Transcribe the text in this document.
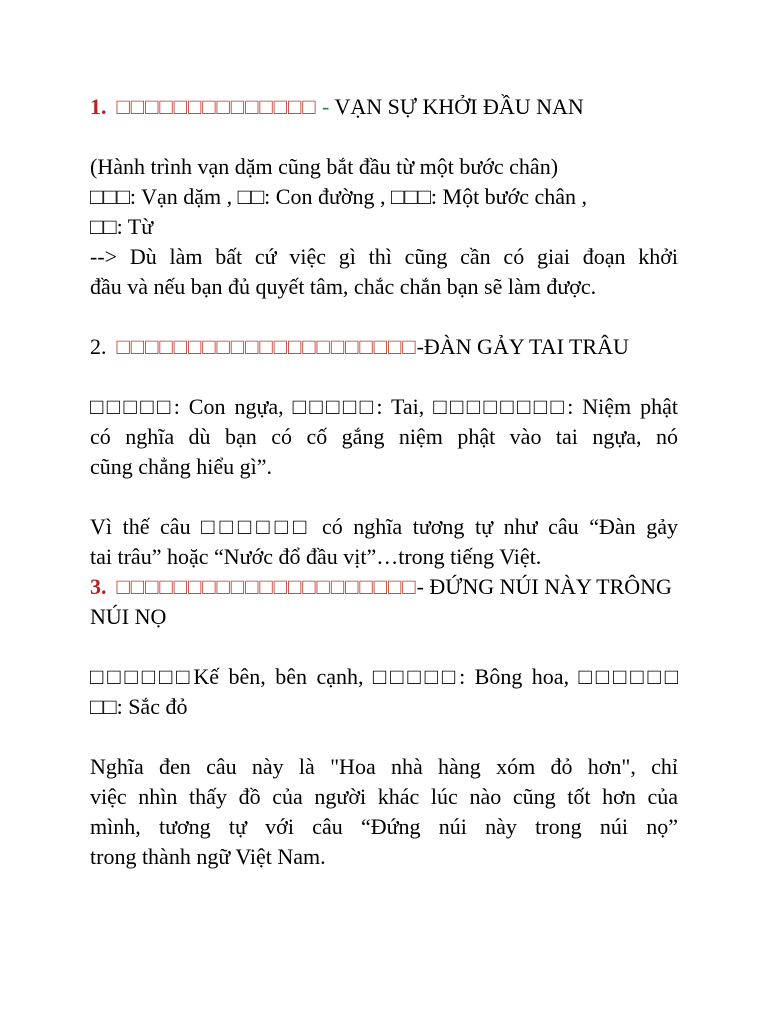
1. □□□□□□□□□□□□□□ - VẠN SỰ KHỞI ĐẦU NAN
(Hành trình vạn dặm cũng bắt đầu từ một bước chân)
□□□: Vạn dặm , □□: Con đường , □□□: Một bước chân ,
□□: Từ
--> Dù làm bất cứ việc gì thì cũng cần có giai đoạn khởi
đầu và nếu bạn đủ quyết tâm, chắc chắn bạn sẽ làm được.
2. □□□□□□□□□□□□□□□□□□□□□-ĐÀN GẢY TAI TRÂU
□□□□□: Con ngựa, □□□□□: Tai, □□□□□□□□: Niệm phật
có nghĩa dù bạn có cố gắng niệm phật vào tai ngựa, nó
cũng chẳng hiểu gì”.
Vì thế câu □□□□□□ có nghĩa tương tự như câu “Đàn gảy
tai trâu” hoặc “Nước đổ đầu vịt”…trong tiếng Việt.
3. □□□□□□□□□□□□□□□□□□□□□- ĐỨNG NÚI NÀY TRÔNG
NÚI NỌ
□□□□□□Kế bên, bên cạnh, □□□□□: Bông hoa, □□□□□□
□□: Sắc đỏ
Nghĩa đen câu này là "Hoa nhà hàng xóm đỏ hơn", chỉ
việc nhìn thấy đồ của người khác lúc nào cũng tốt hơn của
mình, tương tự với câu “Đứng núi này trong núi nọ”
trong thành ngữ Việt Nam.
